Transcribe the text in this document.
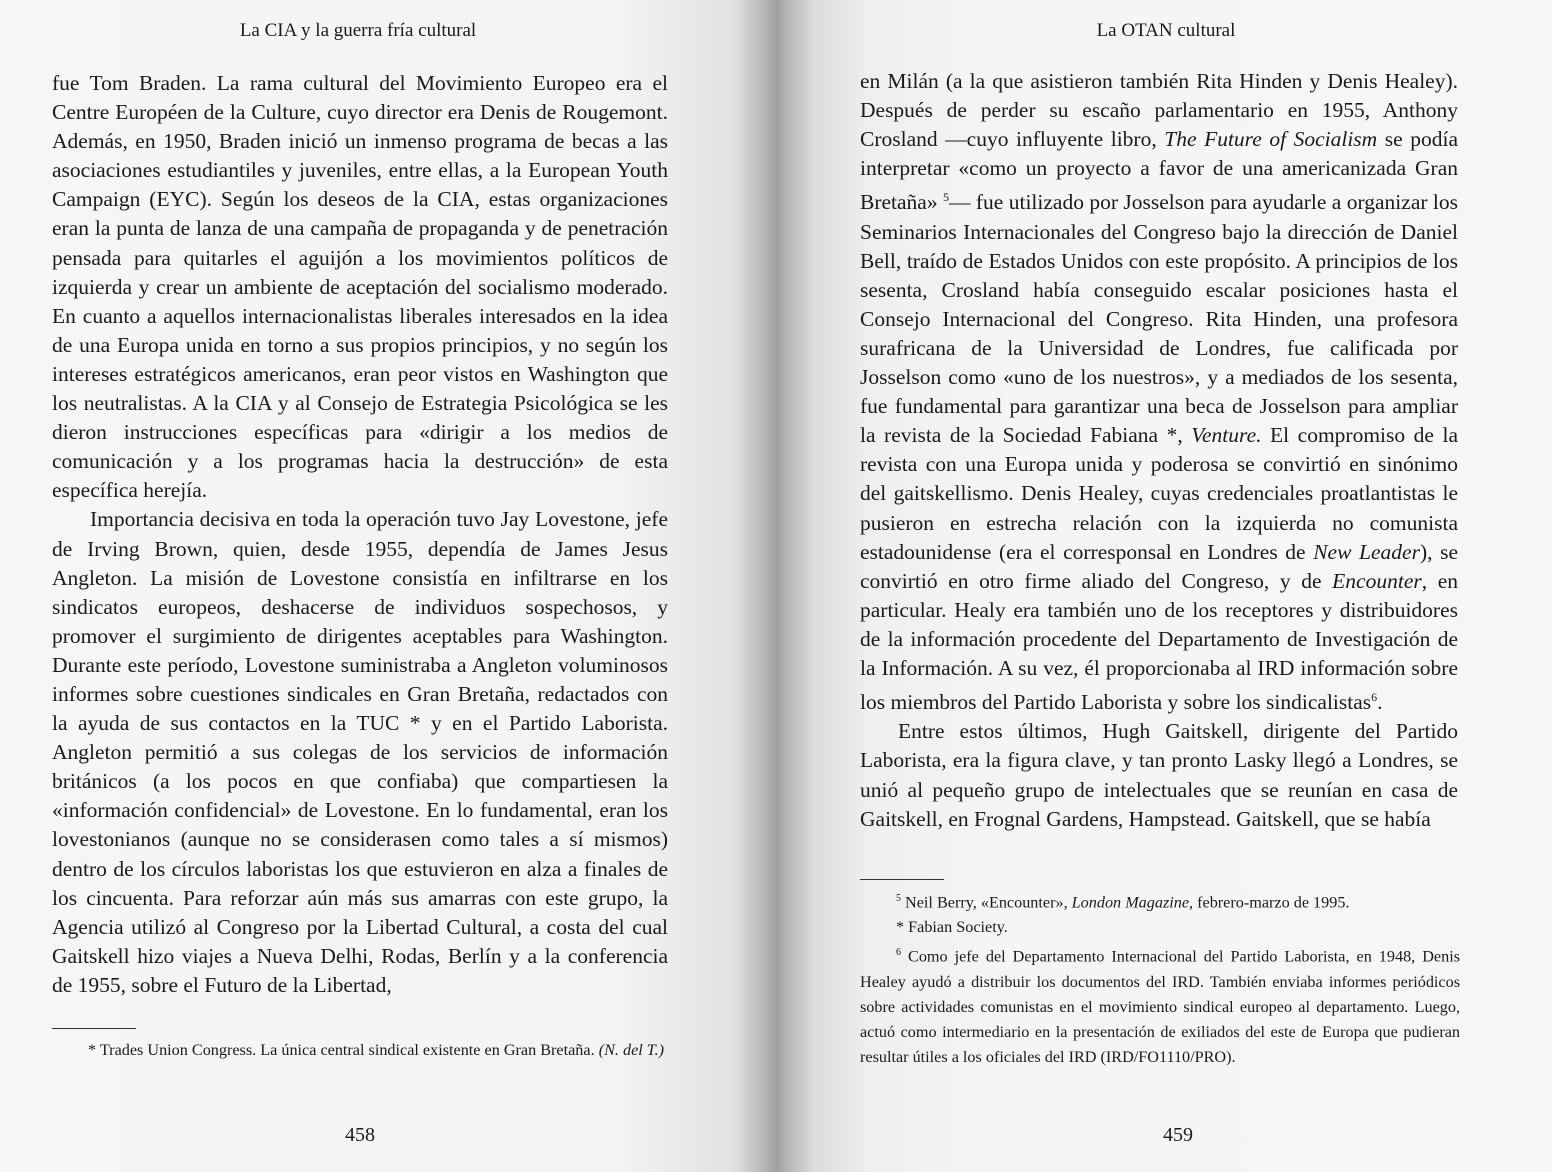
La CIA y la guerra fría cultural

fue Tom Braden. La rama cultural del Movimiento Europeo era el Centre Européen de la Culture, cuyo director era Denis de Rougemont. Además, en 1950, Braden inició un inmenso programa de becas a las asociaciones estudiantiles y juveniles, entre ellas, a la European Youth Campaign (EYC). Según los deseos de la CIA, estas organizaciones eran la punta de lanza de una campaña de propaganda y de penetración pensada para quitarles el aguijón a los movimientos políticos de izquierda y crear un ambiente de aceptación del socialismo moderado. En cuanto a aquellos internacionalistas liberales interesados en la idea de una Europa unida en torno a sus propios principios, y no según los intereses estratégicos americanos, eran peor vistos en Washington que los neutralistas. A la CIA y al Consejo de Estrategia Psicológica se les dieron instrucciones específicas para «dirigir a los medios de comunicación y a los programas hacia la destrucción» de esta específica herejía.

Importancia decisiva en toda la operación tuvo Jay Lovestone, jefe de Irving Brown, quien, desde 1955, dependía de James Jesus Angleton. La misión de Lovestone consistía en infiltrarse en los sindicatos europeos, deshacerse de individuos sospechosos, y promover el surgimiento de dirigentes aceptables para Washington. Durante este período, Lovestone suministraba a Angleton voluminosos informes sobre cuestiones sindicales en Gran Bretaña, redactados con la ayuda de sus contactos en la TUC * y en el Partido Laborista. Angleton permitió a sus colegas de los servicios de información británicos (a los pocos en que confiaba) que compartiesen la «información confidencial» de Lovestone. En lo fundamental, eran los lovestonianos (aunque no se considerasen como tales a sí mismos) dentro de los círculos laboristas los que estuvieron en alza a finales de los cincuenta. Para reforzar aún más sus amarras con este grupo, la Agencia utilizó al Congreso por la Libertad Cultural, a costa del cual Gaitskell hizo viajes a Nueva Delhi, Rodas, Berlín y a la conferencia de 1955, sobre el Futuro de la Libertad,

* Trades Union Congress. La única central sindical existente en Gran Bretaña. (N. del T.)

458
La OTAN cultural

en Milán (a la que asistieron también Rita Hinden y Denis Healey). Después de perder su escaño parlamentario en 1955, Anthony Crosland —cuyo influyente libro, The Future of Socialism se podía interpretar «como un proyecto a favor de una americanizada Gran Bretaña» $^5$— fue utilizado por Josselson para ayudarle a organizar los Seminarios Internacionales del Congreso bajo la dirección de Daniel Bell, traído de Estados Unidos con este propósito. A principios de los sesenta, Crosland había conseguido escalar posiciones hasta el Consejo Internacional del Congreso. Rita Hinden, una profesora surafricana de la Universidad de Londres, fue calificada por Josselson como «uno de los nuestros», y a mediados de los sesenta, fue fundamental para garantizar una beca de Josselson para ampliar la revista de la Sociedad Fabiana *, Venture. El compromiso de la revista con una Europa unida y poderosa se convirtió en sinónimo del gaitskellismo. Denis Healey, cuyas credenciales proatlantistas le pusieron en estrecha relación con la izquierda no comunista estadounidense (era el corresponsal en Londres de New Leader), se convirtió en otro firme aliado del Congreso, y de Encounter, en particular. Healy era también uno de los receptores y distribuidores de la información procedente del Departamento de Investigación de la Información. A su vez, él proporcionaba al IRD información sobre los miembros del Partido Laborista y sobre los sindicalistas$^6$.

Entre estos últimos, Hugh Gaitskell, dirigente del Partido Laborista, era la figura clave, y tan pronto Lasky llegó a Londres, se unió al pequeño grupo de intelectuales que se reunían en casa de Gaitskell, en Frognal Gardens, Hampstead. Gaitskell, que se había

$^5$ Neil Berry, «Encounter», London Magazine, febrero-marzo de 1995.

* Fabian Society.

$^6$ Como jefe del Departamento Internacional del Partido Laborista, en 1948, Denis Healey ayudó a distribuir los documentos del IRD. También enviaba informes periódicos sobre actividades comunistas en el movimiento sindical europeo al departamento. Luego, actuó como intermediario en la presentación de exiliados del este de Europa que pudieran resultar útiles a los oficiales del IRD (IRD/FO1110/PRO).

459
